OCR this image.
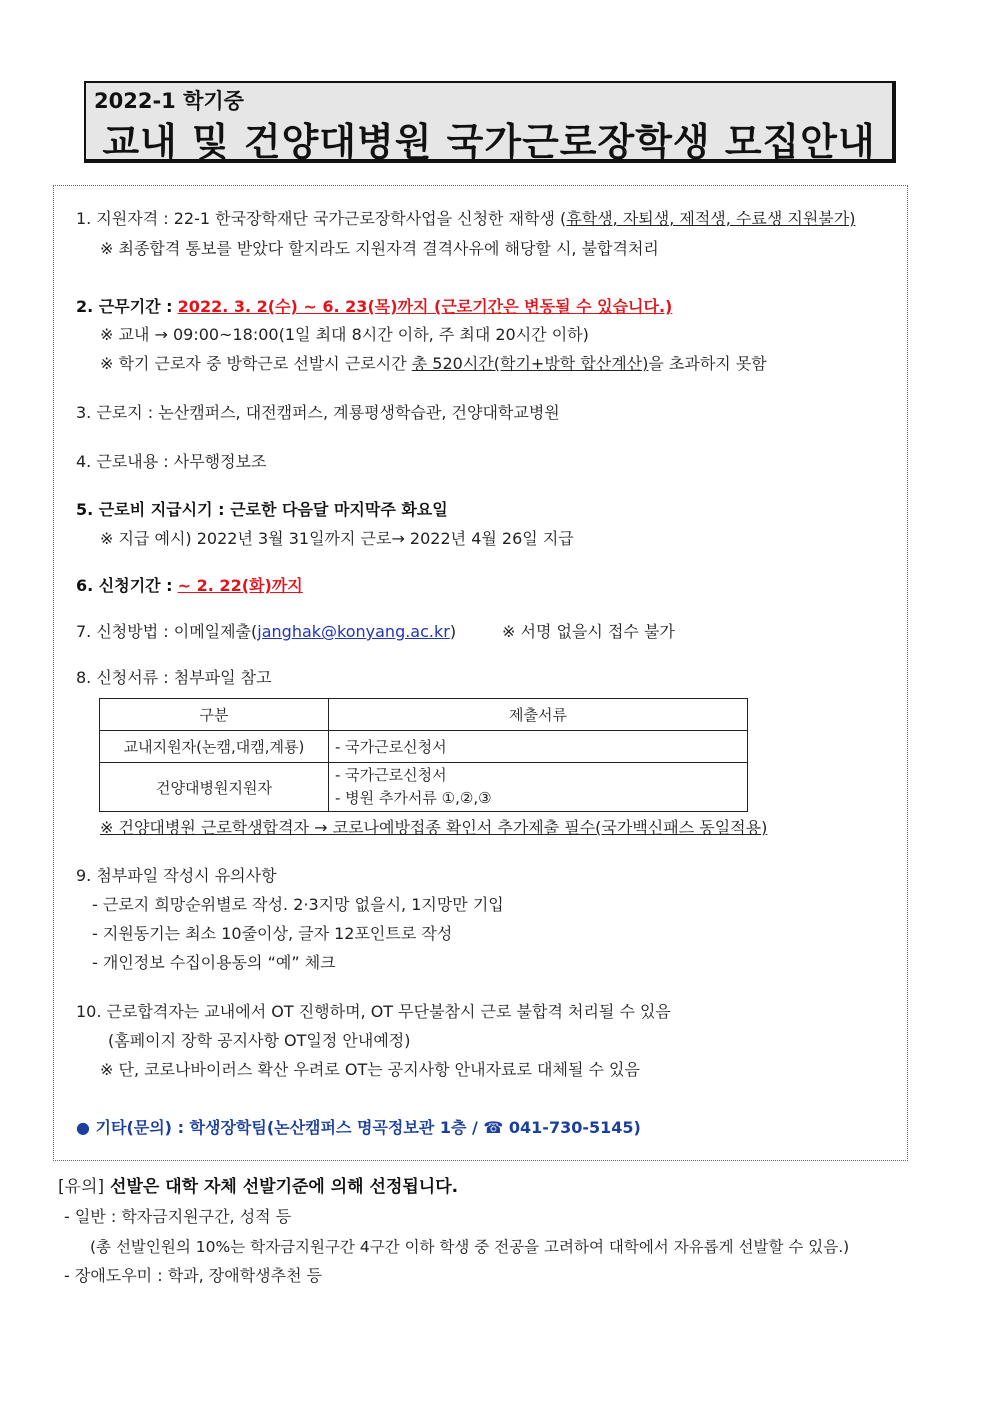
2022-1 학기중
교내 및 건양대병원 국가근로장학생 모집안내
1. 지원자격 : 22-1 한국장학재단 국가근로장학사업을 신청한 재학생 (휴학생, 자퇴생, 제적생, 수료생 지원불가)
※ 최종합격 통보를 받았다 할지라도 지원자격 결격사유에 해당할 시, 불합격처리
2. 근무기간 : 2022. 3. 2(수) ~ 6. 23(목)까지 (근로기간은 변동될 수 있습니다.)
※ 교내 → 09:00~18:00(1일 최대 8시간 이하, 주 최대 20시간 이하)
※ 학기 근로자 중 방학근로 선발시 근로시간 총 520시간(학기+방학 합산계산)을 초과하지 못함
3. 근로지 : 논산캠퍼스, 대전캠퍼스, 계룡평생학습관, 건양대학교병원
4. 근로내용 : 사무행정보조
5. 근로비 지급시기 : 근로한 다음달 마지막주 화요일
※ 지급 예시) 2022년 3월 31일까지 근로→ 2022년 4월 26일 지급
6. 신청기간 : ~ 2. 22(화)까지
7. 신청방법 : 이메일제출(janghak@konyang.ac.kr)	※ 서명 없을시 접수 불가
8. 신청서류 : 첨부파일 참고
구분	제출서류
교내지원자(논캠,대캠,계룡)	- 국가근로신청서
건양대병원지원자	- 국가근로신청서
- 병원 추가서류 ①,②,③
※ 건양대병원 근로학생합격자 → 코로나예방접종 확인서 추가제출 필수(국가백신패스 동일적용)
9. 첨부파일 작성시 유의사항
- 근로지 희망순위별로 작성. 2·3지망 없을시, 1지망만 기입
- 지원동기는 최소 10줄이상, 글자 12포인트로 작성
- 개인정보 수집이용동의 “예” 체크
10. 근로합격자는 교내에서 OT 진행하며, OT 무단불참시 근로 불합격 처리될 수 있음
(홈페이지 장학 공지사항 OT일정 안내예정)
※ 단, 코로나바이러스 확산 우려로 OT는 공지사항 안내자료로 대체될 수 있음
● 기타(문의) : 학생장학팀(논산캠퍼스 명곡정보관 1층 / ☎ 041-730-5145)
[유의] 선발은 대학 자체 선발기준에 의해 선정됩니다.
- 일반 : 학자금지원구간, 성적 등
(총 선발인원의 10%는 학자금지원구간 4구간 이하 학생 중 전공을 고려하여 대학에서 자유롭게 선발할 수 있음.)
- 장애도우미 : 학과, 장애학생추천 등
